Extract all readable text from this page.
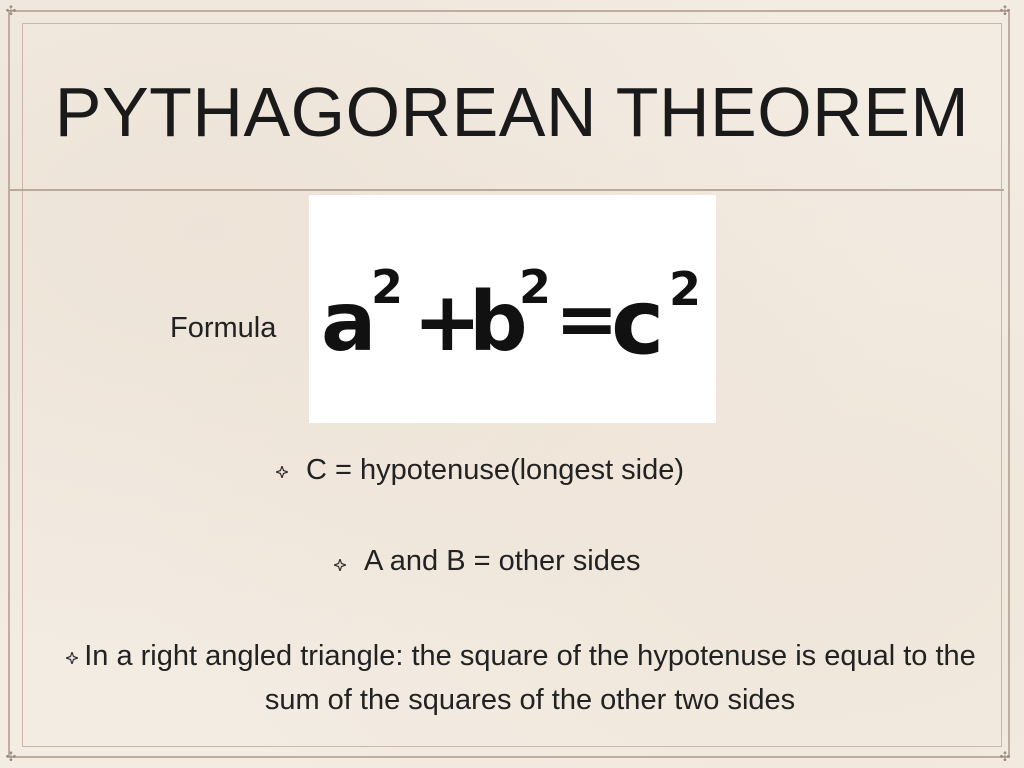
✣	✣
✣	✣
PYTHAGOREAN THEOREM
Formula a
2 +
b
2 =
c 2
C = hypotenuse(longest side)
A and B = other sides
In a right angled triangle: the square of the hypotenuse is equal to the sum of the squares of the other two sides
